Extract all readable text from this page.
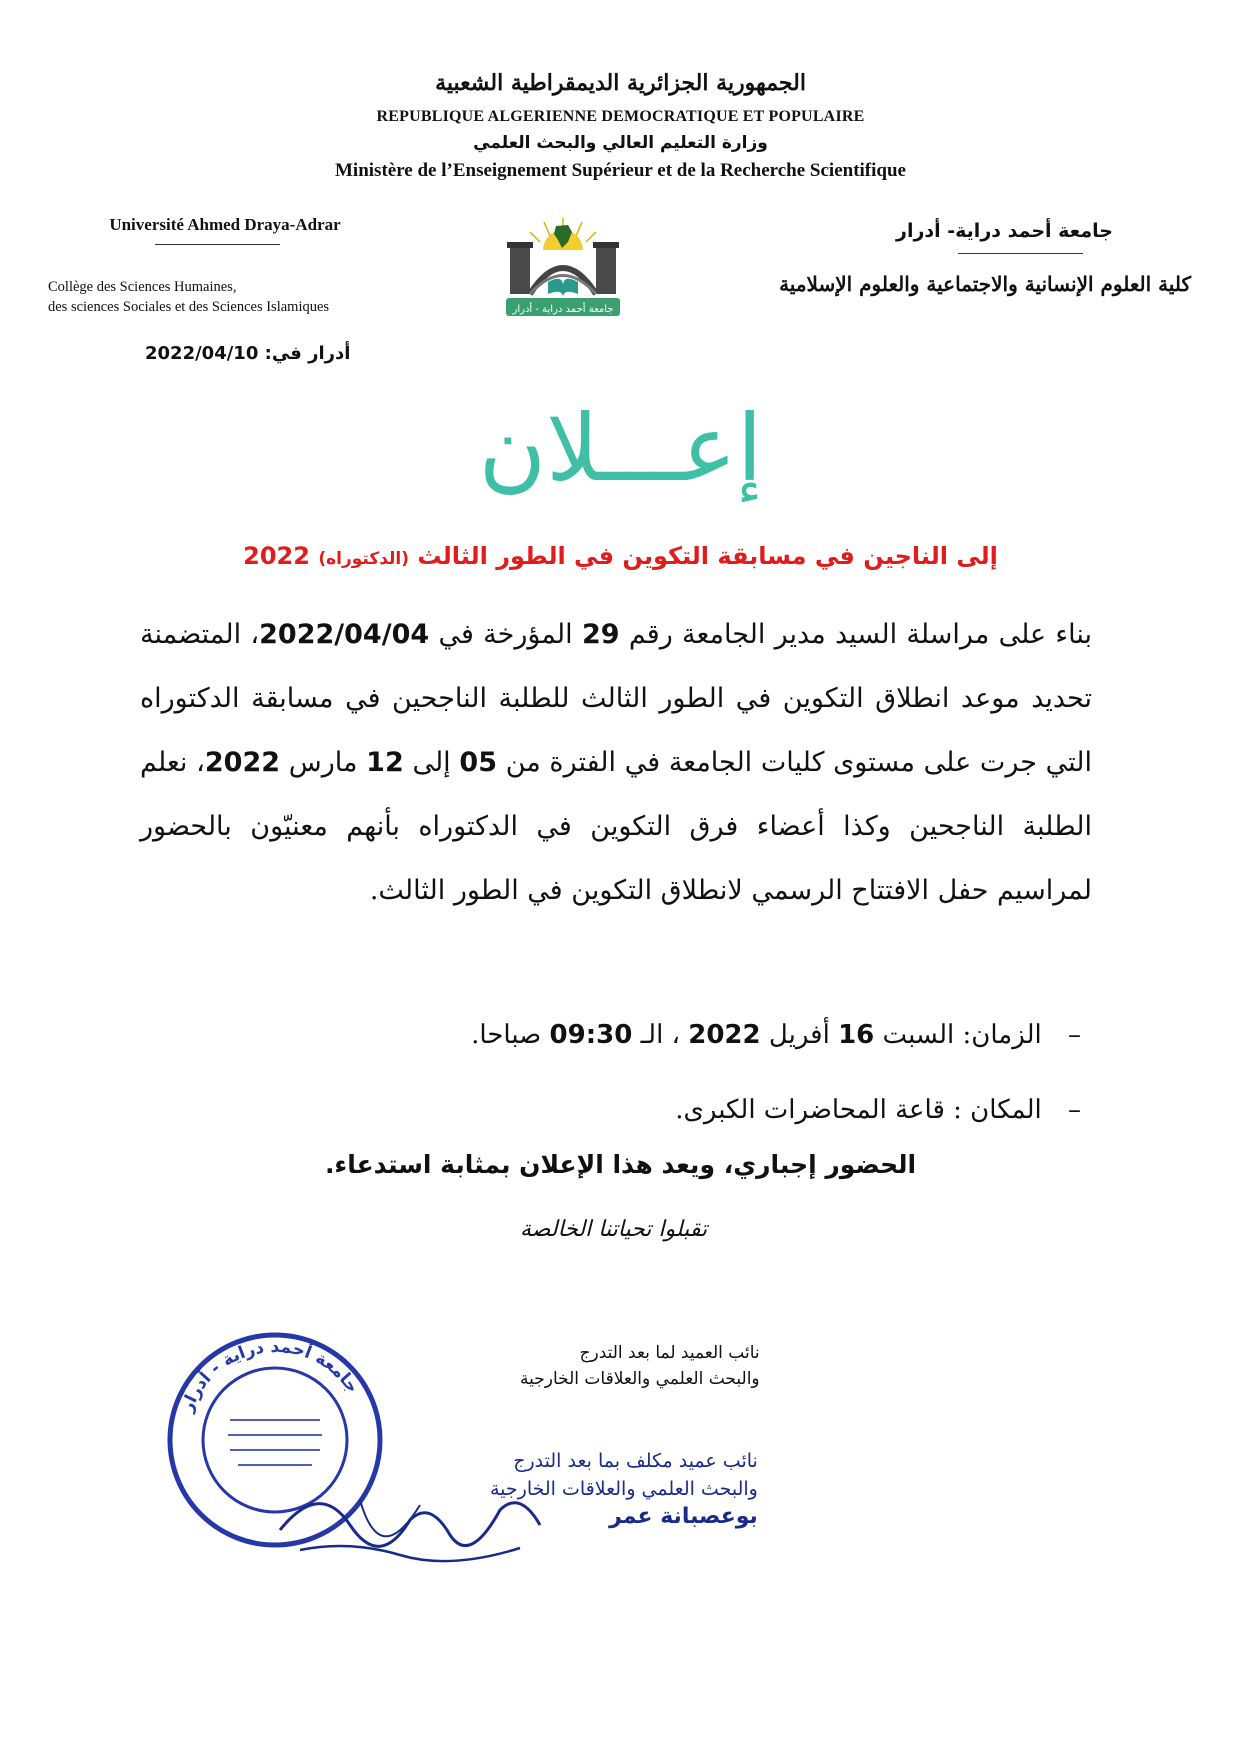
الجمهورية الجزائرية الديمقراطية الشعبية
REPUBLIQUE ALGERIENNE DEMOCRATIQUE ET POPULAIRE
وزارة التعليم العالي والبحث العلمي
Ministère de l’Enseignement Supérieur et de la Recherche Scientifique
Université Ahmed Draya-Adrar
Collège des Sciences Humaines,
des sciences Sociales et des Sciences Islamiques	جامعة أحمد دراية - أدرار
جامعة أحمد دراية- أدرار
كلية العلوم الإنسانية والاجتماعية والعلوم الإسلامية
أدرار في: 2022/04/10
إعـــلان
إلى الناجين في مسابقة التكوين في الطور الثالث (الدكتوراه) 2022
بناء على مراسلة السيد مدير الجامعة رقم 29 المؤرخة في 2022/04/04، المتضمنة تحديد موعد انطلاق التكوين في الطور الثالث للطلبة الناجحين في مسابقة الدكتوراه التي جرت على مستوى كليات الجامعة في الفترة من 05 إلى 12 مارس 2022، نعلم الطلبة الناجحين وكذا أعضاء فرق التكوين في الدكتوراه بأنهم معنيّون بالحضور لمراسيم حفل الافتتاح الرسمي لانطلاق التكوين في الطور الثالث.
– الزمان: السبت 16 أفريل 2022 ، الـ 09:30 صباحا.
– المكان : قاعة المحاضرات الكبرى.
الحضور إجباري، ويعد هذا الإعلان بمثابة استدعاء.
تقبلوا تحياتنا الخالصة
جامعة أحمد دراية - أدرار
نائب العميد لما بعد التدرج
والبحث العلمي والعلاقات الخارجية
نائب عميد مكلف بما بعد التدرج
والبحث العلمي والعلاقات الخارجية
بوعصبانة عمر
